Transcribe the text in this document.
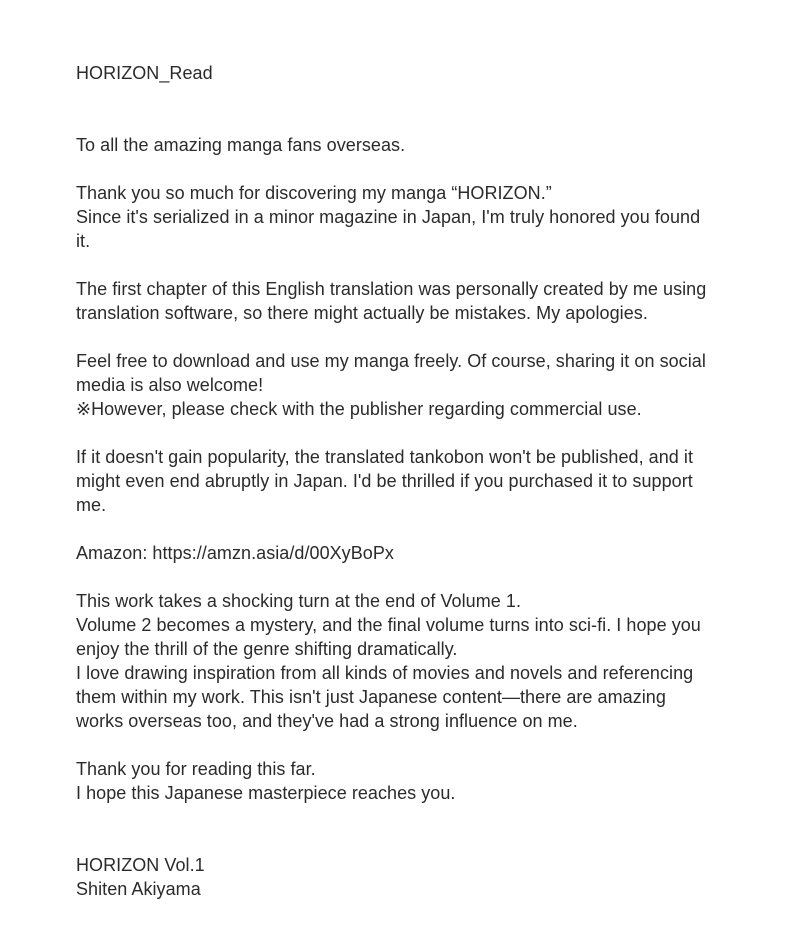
HORIZON_Read
To all the amazing manga fans overseas.
Thank you so much for discovering my manga “HORIZON.”
Since it's serialized in a minor magazine in Japan, I'm truly honored you found
it.
The first chapter of this English translation was personally created by me using
translation software, so there might actually be mistakes. My apologies.
Feel free to download and use my manga freely. Of course, sharing it on social
media is also welcome!
※However, please check with the publisher regarding commercial use.
If it doesn't gain popularity, the translated tankobon won't be published, and it
might even end abruptly in Japan. I'd be thrilled if you purchased it to support
me.
Amazon: https://amzn.asia/d/00XyBoPx
This work takes a shocking turn at the end of Volume 1.
Volume 2 becomes a mystery, and the final volume turns into sci-fi. I hope you
enjoy the thrill of the genre shifting dramatically.
I love drawing inspiration from all kinds of movies and novels and referencing
them within my work. This isn't just Japanese content—there are amazing
works overseas too, and they've had a strong influence on me.
Thank you for reading this far.
I hope this Japanese masterpiece reaches you.
HORIZON Vol.1
Shiten Akiyama
